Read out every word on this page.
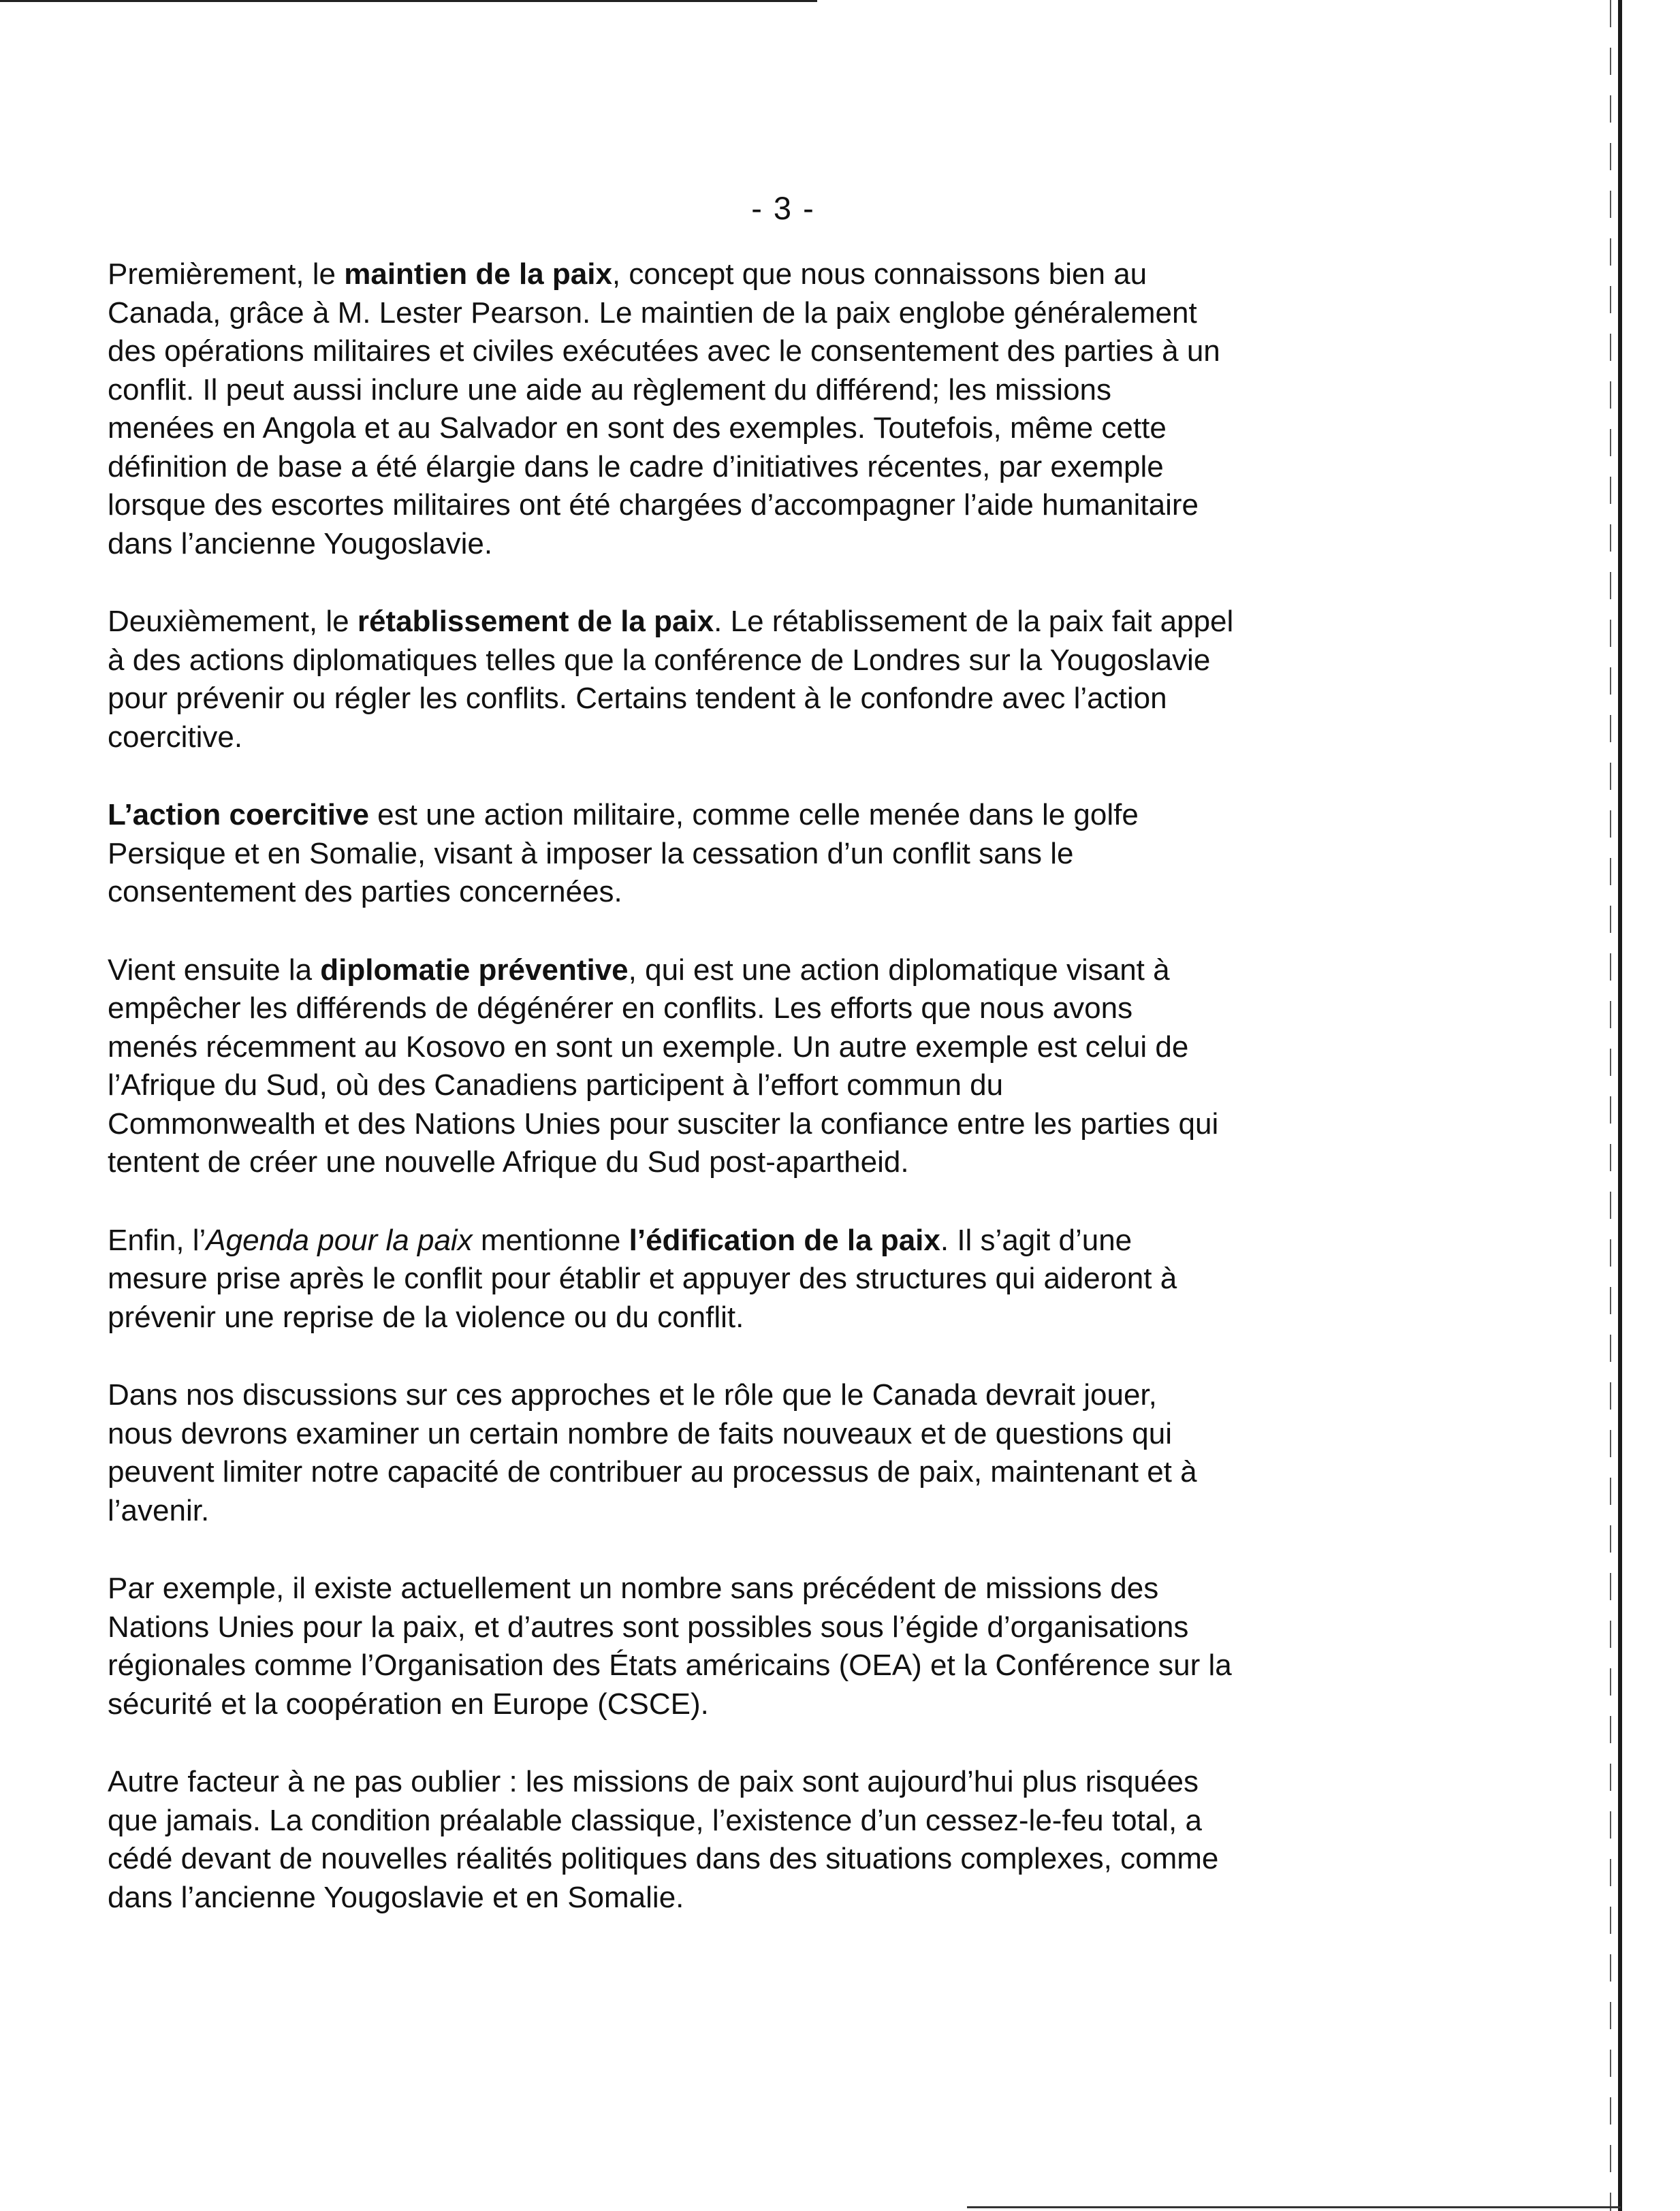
- 3 -
Premièrement, le maintien de la paix, concept que nous connaissons bien au
Canada, grâce à M. Lester Pearson. Le maintien de la paix englobe généralement
des opérations militaires et civiles exécutées avec le consentement des parties à un
conflit. Il peut aussi inclure une aide au règlement du différend; les missions
menées en Angola et au Salvador en sont des exemples. Toutefois, même cette
définition de base a été élargie dans le cadre d’initiatives récentes, par exemple
lorsque des escortes militaires ont été chargées d’accompagner l’aide humanitaire
dans l’ancienne Yougoslavie.
Deuxièmement, le rétablissement de la paix. Le rétablissement de la paix fait appel
à des actions diplomatiques telles que la conférence de Londres sur la Yougoslavie
pour prévenir ou régler les conflits. Certains tendent à le confondre avec l’action
coercitive.
L’action coercitive est une action militaire, comme celle menée dans le golfe
Persique et en Somalie, visant à imposer la cessation d’un conflit sans le
consentement des parties concernées.
Vient ensuite la diplomatie préventive, qui est une action diplomatique visant à
empêcher les différends de dégénérer en conflits. Les efforts que nous avons
menés récemment au Kosovo en sont un exemple. Un autre exemple est celui de
l’Afrique du Sud, où des Canadiens participent à l’effort commun du
Commonwealth et des Nations Unies pour susciter la confiance entre les parties qui
tentent de créer une nouvelle Afrique du Sud post-apartheid.
Enfin, l’Agenda pour la paix mentionne l’édification de la paix. Il s’agit d’une
mesure prise après le conflit pour établir et appuyer des structures qui aideront à
prévenir une reprise de la violence ou du conflit.
Dans nos discussions sur ces approches et le rôle que le Canada devrait jouer,
nous devrons examiner un certain nombre de faits nouveaux et de questions qui
peuvent limiter notre capacité de contribuer au processus de paix, maintenant et à
l’avenir.
Par exemple, il existe actuellement un nombre sans précédent de missions des
Nations Unies pour la paix, et d’autres sont possibles sous l’égide d’organisations
régionales comme l’Organisation des États américains (OEA) et la Conférence sur la
sécurité et la coopération en Europe (CSCE).
Autre facteur à ne pas oublier : les missions de paix sont aujourd’hui plus risquées
que jamais. La condition préalable classique, l’existence d’un cessez-le-feu total, a
cédé devant de nouvelles réalités politiques dans des situations complexes, comme
dans l’ancienne Yougoslavie et en Somalie.
